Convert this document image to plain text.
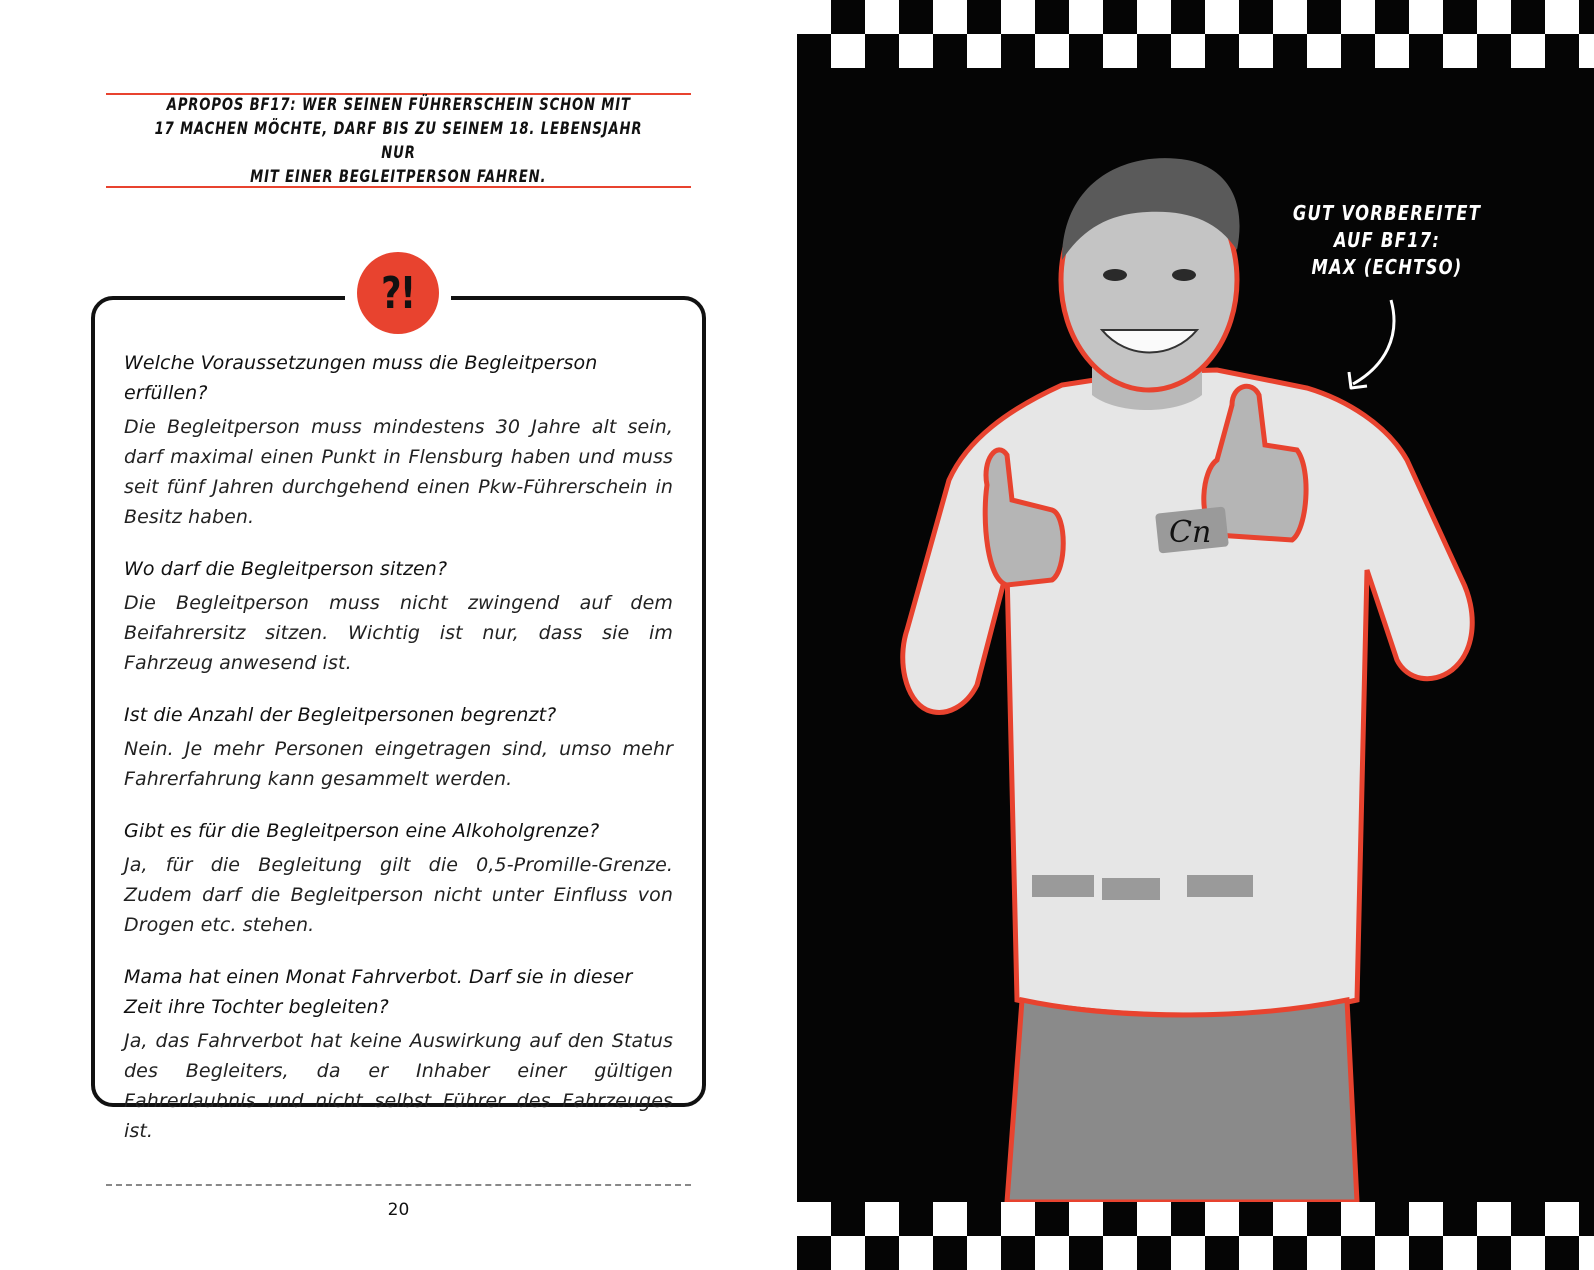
APROPOS BF17: WER SEINEN FÜHRERSCHEIN SCHON MIT
17 MACHEN MÖCHTE, DARF BIS ZU SEINEM 18. LEBENSJAHR NUR
MIT EINER BEGLEITPERSON FAHREN.
?!

Welche Voraussetzungen muss die Begleitperson erfüllen?

Die Begleitperson muss mindestens 30 Jahre alt sein, darf maximal einen Punkt in Flensburg haben und muss seit fünf Jahren durchgehend einen Pkw-Führerschein in Besitz haben.

Wo darf die Begleitperson sitzen?

Die Begleitperson muss nicht zwingend auf dem Beifahrersitz sitzen. Wichtig ist nur, dass sie im Fahrzeug anwesend ist.

Ist die Anzahl der Begleitpersonen begrenzt?

Nein. Je mehr Personen eingetragen sind, umso mehr Fahrerfahrung kann gesammelt werden.

Gibt es für die Begleitperson eine Alkoholgrenze?

Ja, für die Begleitung gilt die 0,5-Promille-Grenze. Zudem darf die Begleitperson nicht unter Einfluss von Drogen etc. stehen.

Mama hat einen Monat Fahrverbot. Darf sie in dieser Zeit ihre Tochter begleiten?

Ja, das Fahrverbot hat keine Auswirkung auf den Status des Begleiters, da er Inhaber einer gültigen Fahrerlaubnis und nicht selbst Führer des Fahrzeuges ist.

20
GUT VORBEREITET
AUF BF17:
MAX (ECHTSO)
Cn
